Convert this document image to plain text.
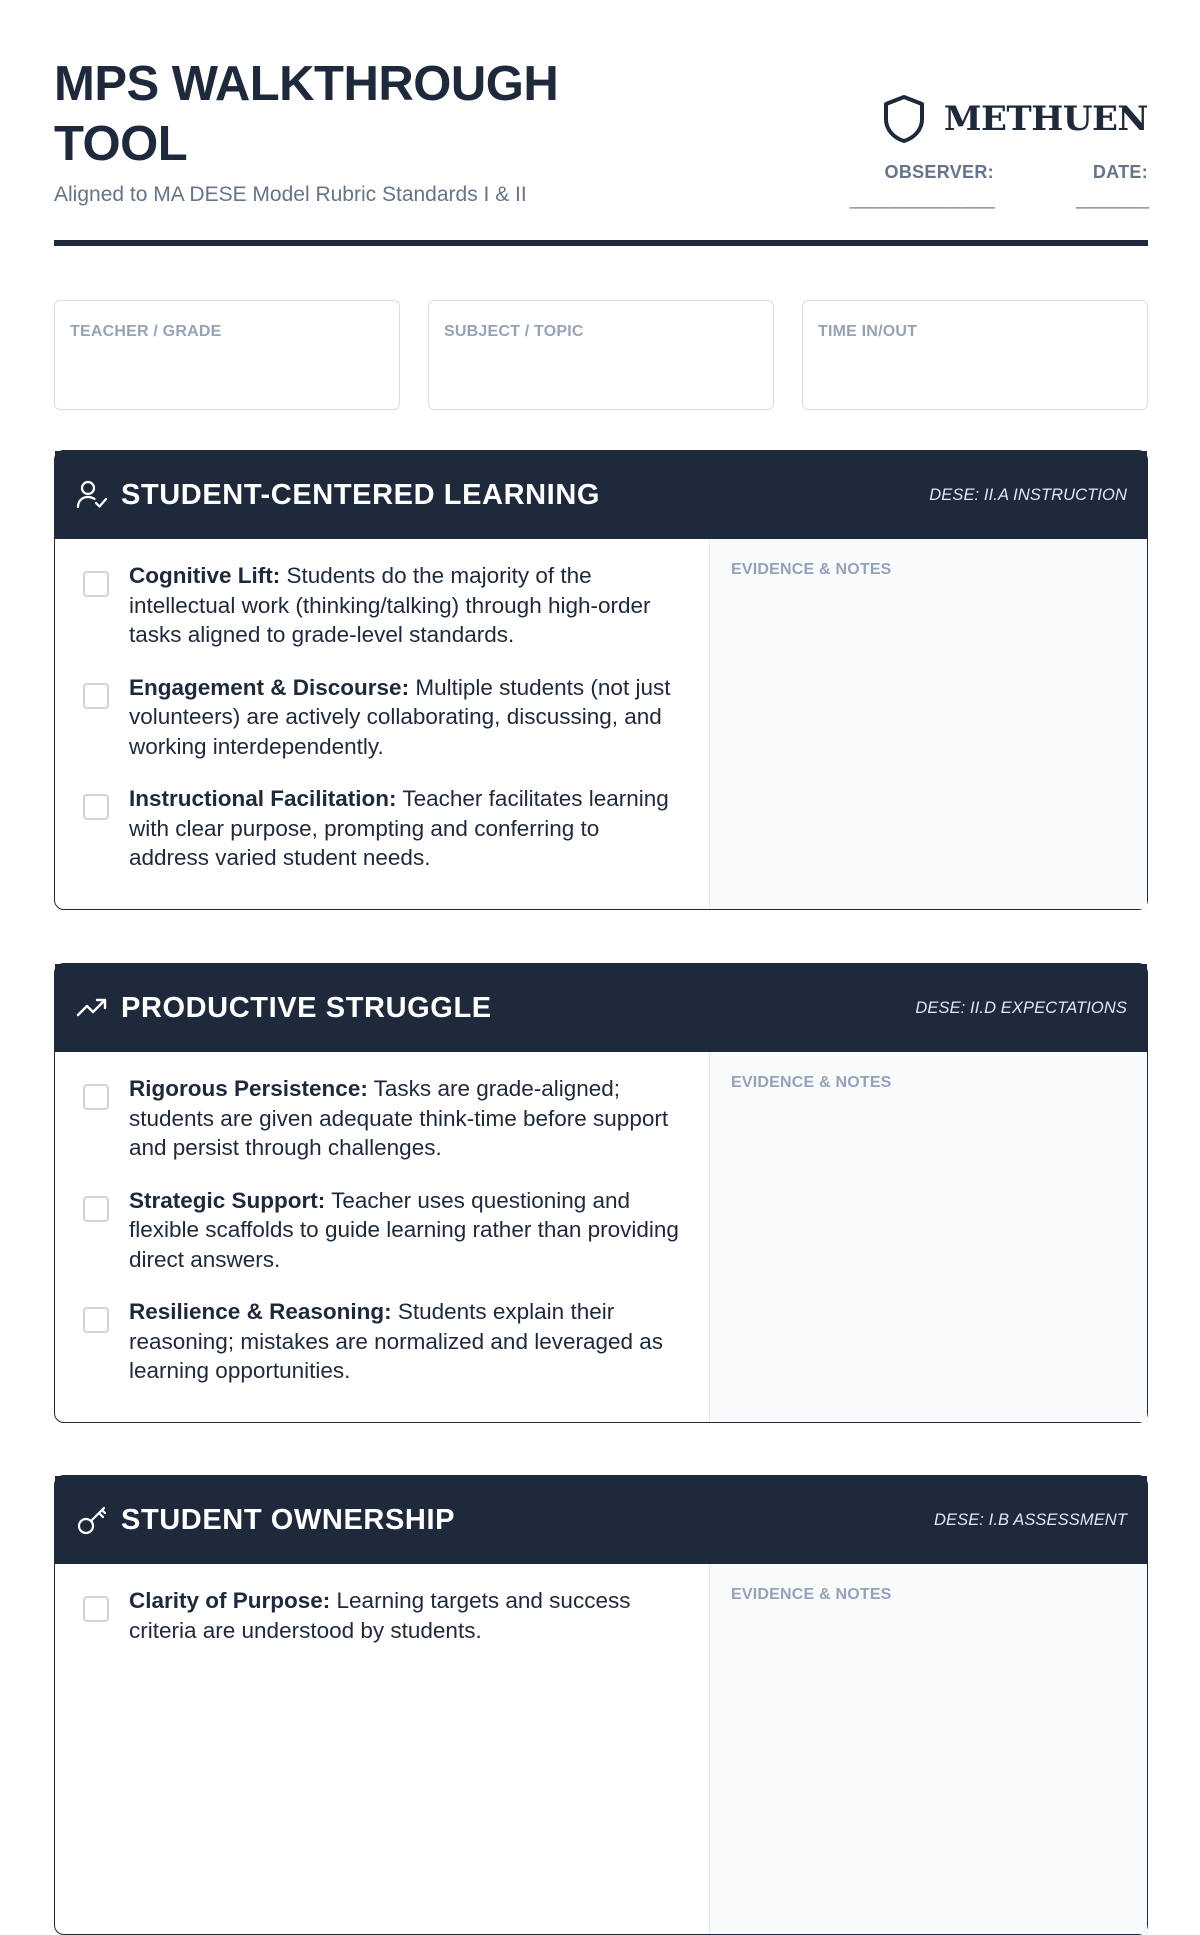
MPS WALKTHROUGH TOOL
Aligned to MA DESE Model Rubric Standards I & II
METHUEN
OBSERVER:
________________
DATE:
________
TEACHER / GRADE	SUBJECT / TOPIC	TIME IN/OUT
STUDENT-CENTERED LEARNING	DESE: II.A INSTRUCTION
Cognitive Lift: Students do the majority of the intellectual work (thinking/talking) through high-order tasks aligned to grade-level standards.
Engagement & Discourse: Multiple students (not just volunteers) are actively collaborating, discussing, and working interdependently.
Instructional Facilitation: Teacher facilitates learning with clear purpose, prompting and conferring to address varied student needs.
EVIDENCE & NOTES
PRODUCTIVE STRUGGLE	DESE: II.D EXPECTATIONS
Rigorous Persistence: Tasks are grade-aligned; students are given adequate think-time before support and persist through challenges.
Strategic Support: Teacher uses questioning and flexible scaffolds to guide learning rather than providing direct answers.
Resilience & Reasoning: Students explain their reasoning; mistakes are normalized and leveraged as learning opportunities.
EVIDENCE & NOTES
STUDENT OWNERSHIP	DESE: I.B ASSESSMENT
Clarity of Purpose: Learning targets and success criteria are understood by students.
EVIDENCE & NOTES
